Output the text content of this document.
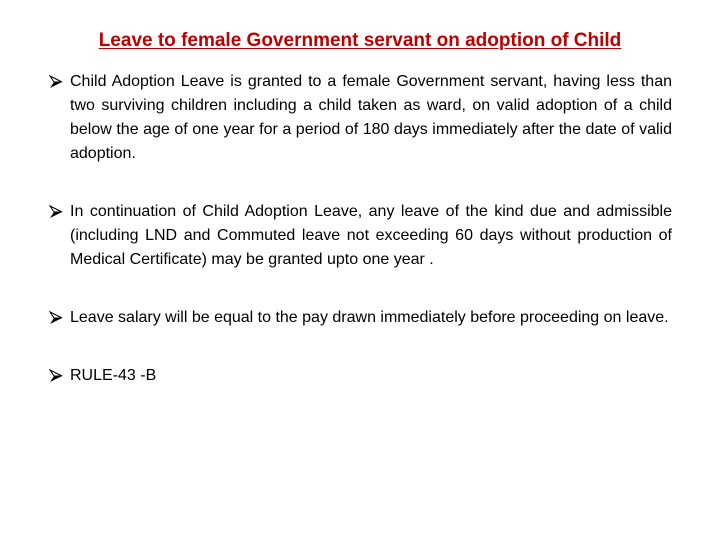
Leave to female Government servant on adoption of Child
Child Adoption Leave is granted to a female Government servant, having less than two surviving children including a child taken as ward, on valid adoption of a child below the age of one year for a period of 180 days immediately after the date of valid adoption.
In continuation of Child Adoption Leave, any leave of the kind due and admissible (including LND and Commuted leave not exceeding 60 days without production of Medical Certificate) may be granted upto one year .
Leave salary will be equal to the pay drawn immediately before proceeding on leave.
RULE-43 -B
